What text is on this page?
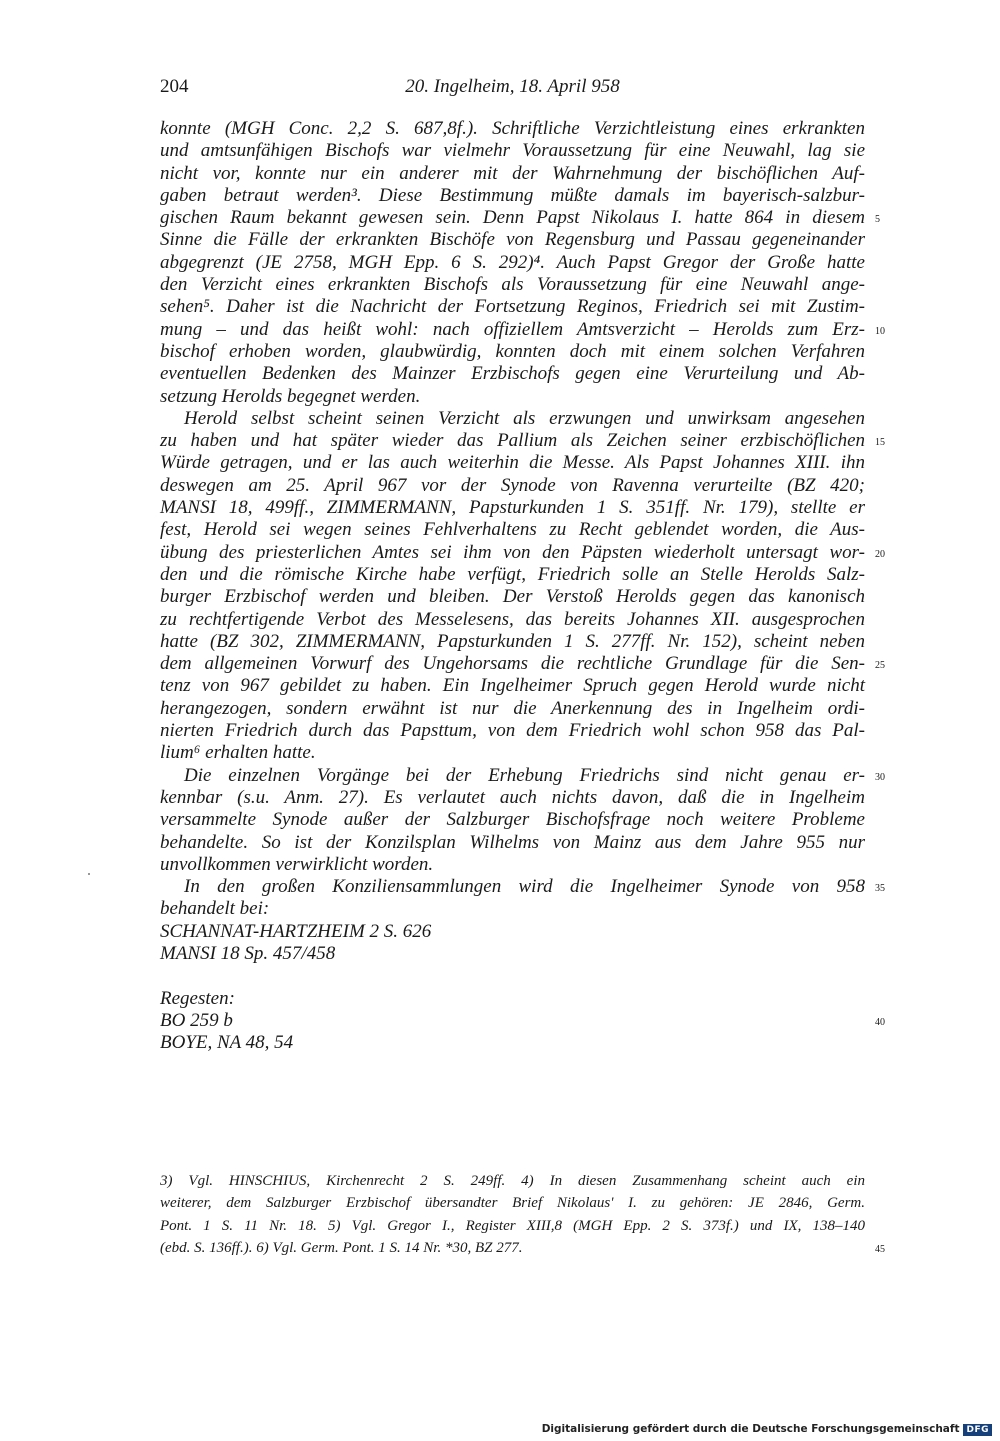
204	20. Ingelheim, 18. April 958
konnte (MGH Conc. 2,2 S. 687,8f.). Schriftliche Verzichtleistung eines erkrankten
und amtsunfähigen Bischofs war vielmehr Voraussetzung für eine Neuwahl, lag sie
nicht vor, konnte nur ein anderer mit der Wahrnehmung der bischöflichen Auf-
gaben betraut werden³. Diese Bestimmung müßte damals im bayerisch-salzbur-
gischen Raum bekannt gewesen sein. Denn Papst Nikolaus I. hatte 864 in diesem 5
Sinne die Fälle der erkrankten Bischöfe von Regensburg und Passau gegeneinander
abgegrenzt (JE 2758, MGH Epp. 6 S. 292)⁴. Auch Papst Gregor der Große hatte
den Verzicht eines erkrankten Bischofs als Voraussetzung für eine Neuwahl ange-
sehen⁵. Daher ist die Nachricht der Fortsetzung Reginos, Friedrich sei mit Zustim-
mung – und das heißt wohl: nach offiziellem Amtsverzicht – Herolds zum Erz- 10
bischof erhoben worden, glaubwürdig, konnten doch mit einem solchen Verfahren
eventuellen Bedenken des Mainzer Erzbischofs gegen eine Verurteilung und Ab-
setzung Herolds begegnet werden.
Herold selbst scheint seinen Verzicht als erzwungen und unwirksam angesehen
zu haben und hat später wieder das Pallium als Zeichen seiner erzbischöflichen 15
Würde getragen, und er las auch weiterhin die Messe. Als Papst Johannes XIII. ihn
deswegen am 25. April 967 vor der Synode von Ravenna verurteilte (BZ 420;
MANSI 18, 499ff., ZIMMERMANN, Papsturkunden 1 S. 351ff. Nr. 179), stellte er
fest, Herold sei wegen seines Fehlverhaltens zu Recht geblendet worden, die Aus-
übung des priesterlichen Amtes sei ihm von den Päpsten wiederholt untersagt wor- 20
den und die römische Kirche habe verfügt, Friedrich solle an Stelle Herolds Salz-
burger Erzbischof werden und bleiben. Der Verstoß Herolds gegen das kanonisch
zu rechtfertigende Verbot des Messelesens, das bereits Johannes XII. ausgesprochen
hatte (BZ 302, ZIMMERMANN, Papsturkunden 1 S. 277ff. Nr. 152), scheint neben
dem allgemeinen Vorwurf des Ungehorsams die rechtliche Grundlage für die Sen- 25
tenz von 967 gebildet zu haben. Ein Ingelheimer Spruch gegen Herold wurde nicht
herangezogen, sondern erwähnt ist nur die Anerkennung des in Ingelheim ordi-
nierten Friedrich durch das Papsttum, von dem Friedrich wohl schon 958 das Pal-
lium⁶ erhalten hatte.
Die einzelnen Vorgänge bei der Erhebung Friedrichs sind nicht genau er- 30
kennbar (s.u. Anm. 27). Es verlautet auch nichts davon, daß die in Ingelheim
versammelte Synode außer der Salzburger Bischofsfrage noch weitere Probleme
behandelte. So ist der Konzilsplan Wilhelms von Mainz aus dem Jahre 955 nur
unvollkommen verwirklicht worden.
In den großen Konziliensammlungen wird die Ingelheimer Synode von 958 35
behandelt bei:
SCHANNAT-HARTZHEIM 2 S. 626
MANSI 18 Sp. 457/458
Regesten:
BO 259 b	40
BOYE, NA 48, 54
3) Vgl. HINSCHIUS, Kirchenrecht 2 S. 249ff. 4) In diesen Zusammenhang scheint auch ein
weiterer, dem Salzburger Erzbischof übersandter Brief Nikolaus' I. zu gehören: JE 2846, Germ.
Pont. 1 S. 11 Nr. 18. 5) Vgl. Gregor I., Register XIII,8 (MGH Epp. 2 S. 373f.) und IX, 138–140
(ebd. S. 136ff.). 6) Vgl. Germ. Pont. 1 S. 14 Nr. *30, BZ 277.	45
Digitalisierung gefördert durch die Deutsche Forschungsgemeinschaft DFG
